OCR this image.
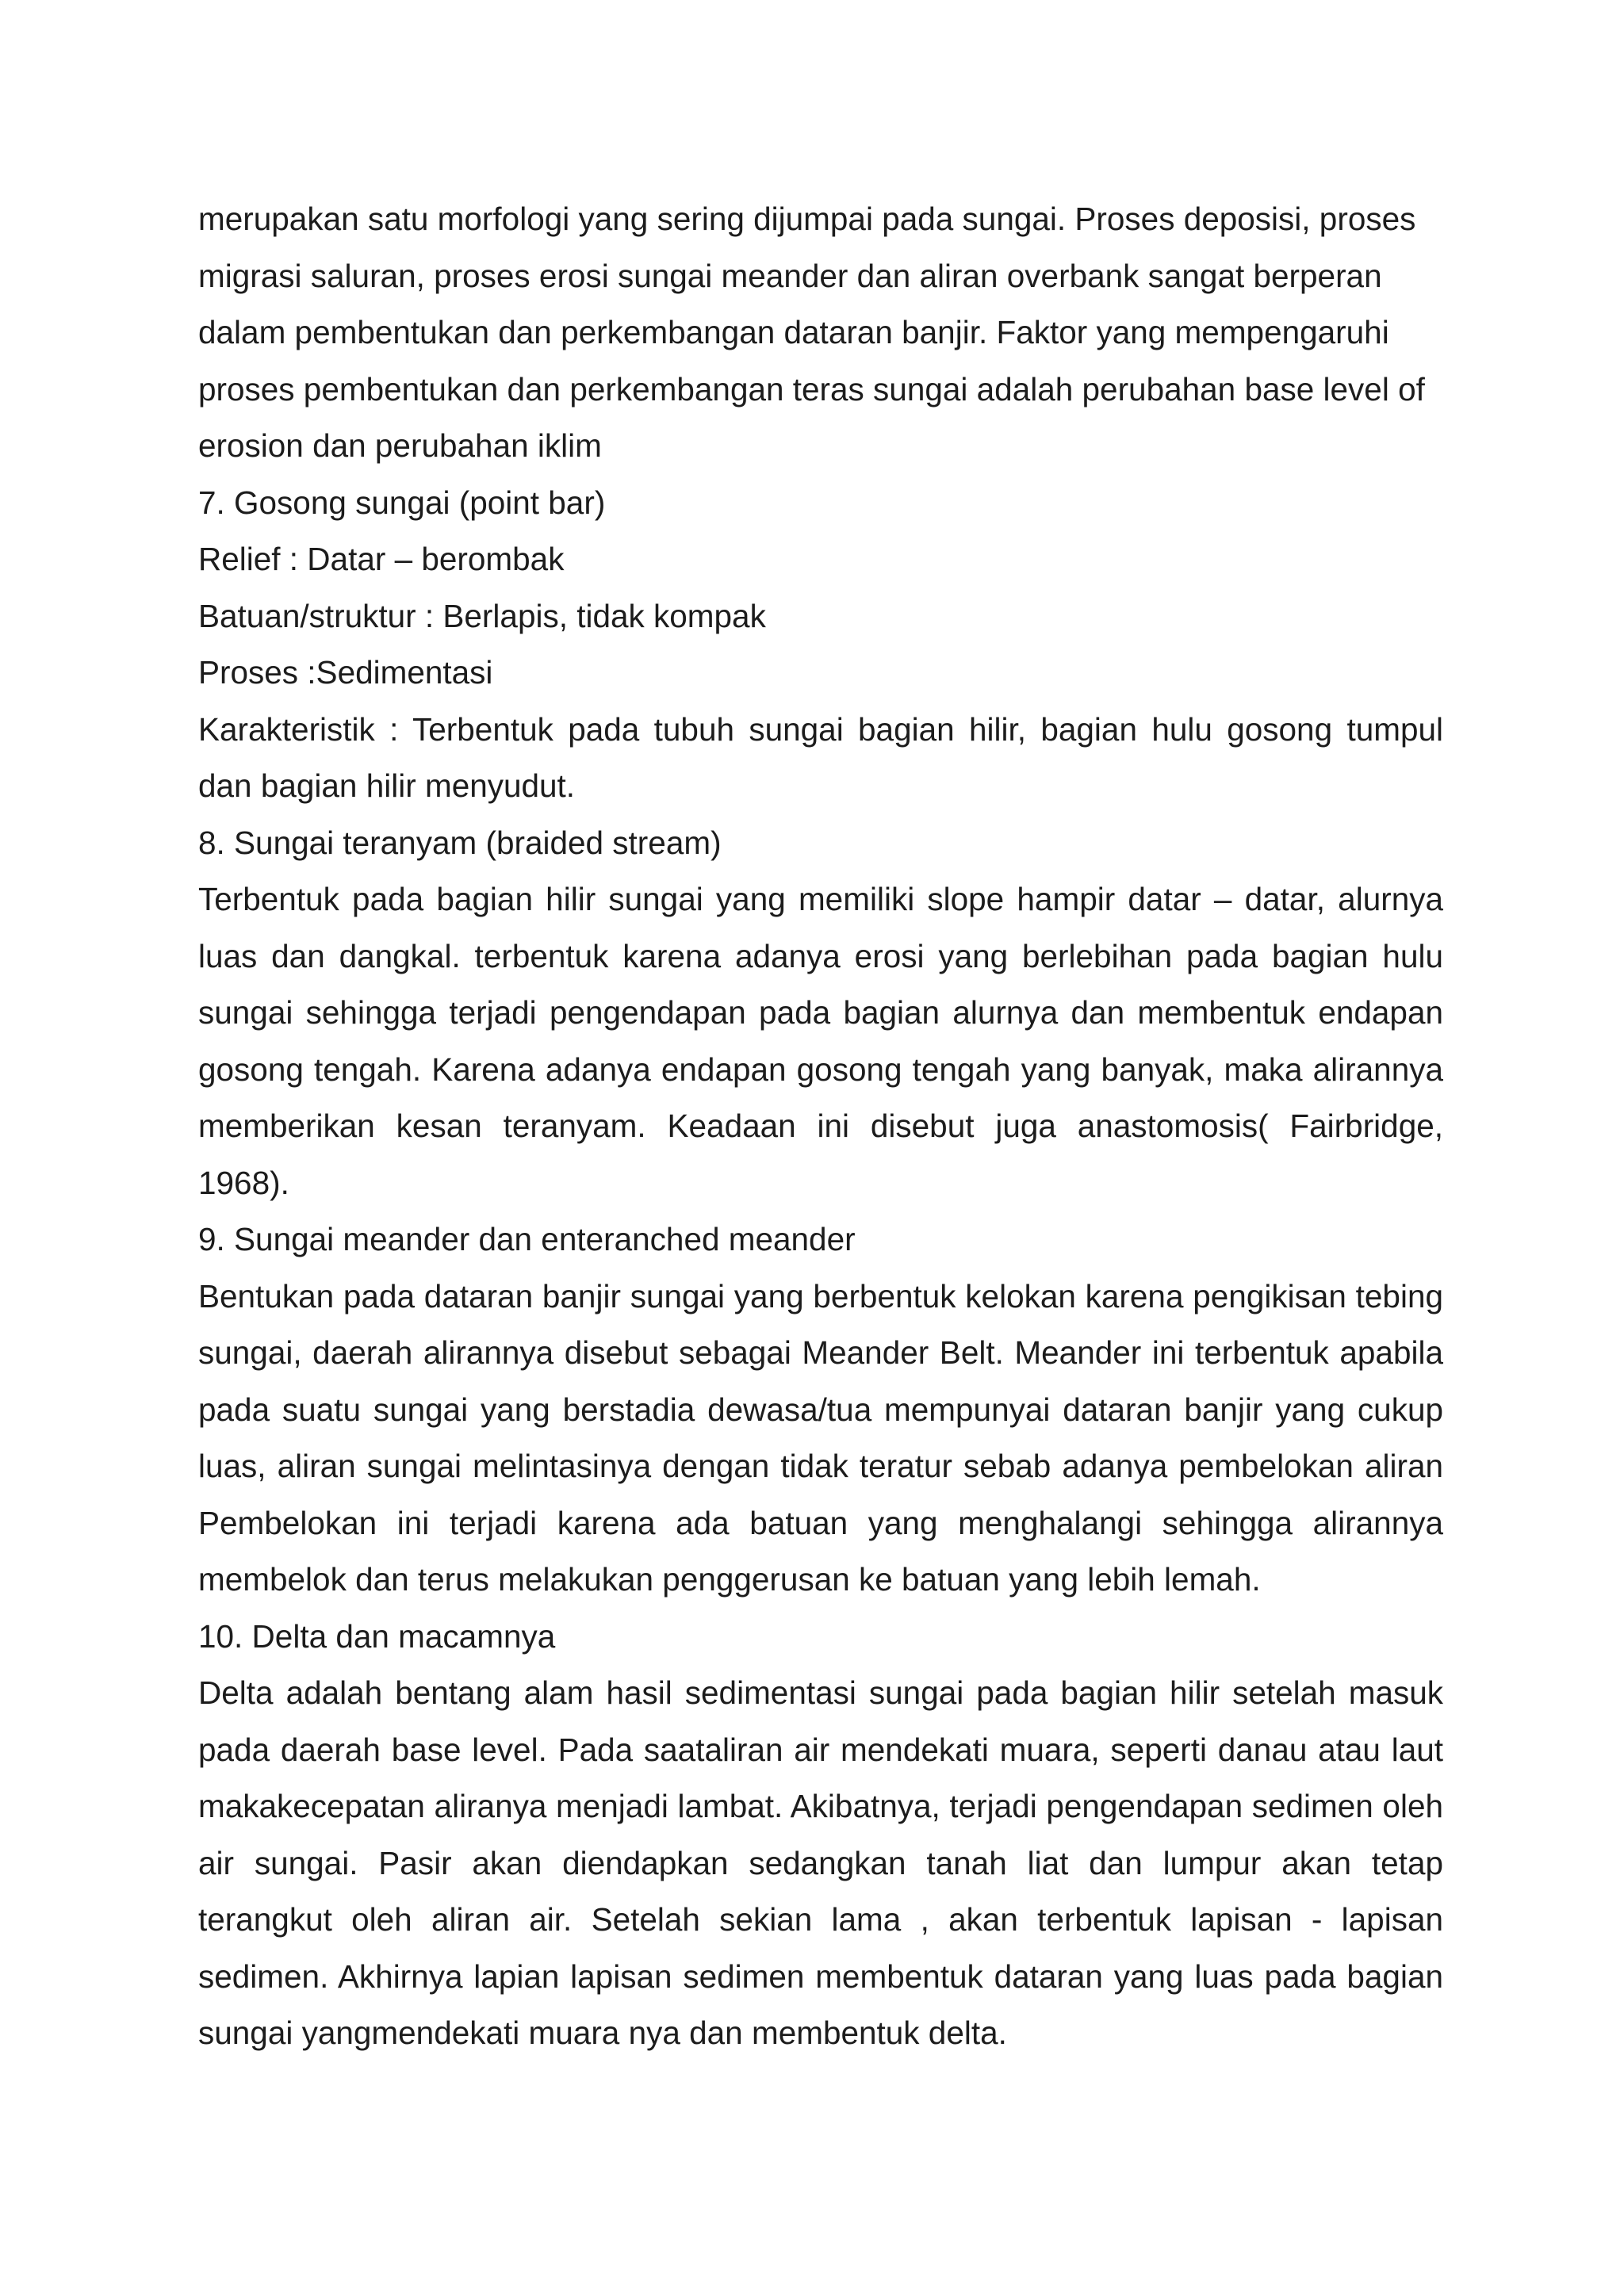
merupakan satu morfologi yang sering dijumpai pada sungai. Proses deposisi, proses migrasi saluran, proses erosi sungai meander dan aliran overbank sangat berperan dalam pembentukan dan perkembangan dataran banjir. Faktor yang mempengaruhi proses pembentukan dan perkembangan teras sungai adalah perubahan base level of erosion dan perubahan iklim

7. Gosong sungai (point bar)

Relief : Datar – berombak

Batuan/struktur : Berlapis, tidak kompak

Proses :Sedimentasi

Karakteristik : Terbentuk pada tubuh sungai bagian hilir, bagian hulu gosong tumpul dan bagian hilir menyudut.

8. Sungai teranyam (braided stream)

Terbentuk pada bagian hilir sungai yang memiliki slope hampir datar – datar, alurnya luas dan dangkal. terbentuk karena adanya erosi yang berlebihan pada bagian hulu sungai sehingga terjadi pengendapan pada bagian alurnya dan membentuk endapan gosong tengah. Karena adanya endapan gosong tengah yang banyak, maka alirannya memberikan kesan teranyam. Keadaan ini disebut juga anastomosis( Fairbridge, 1968).

9. Sungai meander dan enteranched meander

Bentukan pada dataran banjir sungai yang berbentuk kelokan karena pengikisan tebing sungai, daerah alirannya disebut sebagai Meander Belt. Meander ini terbentuk apabila pada suatu sungai yang berstadia dewasa/tua mempunyai dataran banjir yang cukup luas, aliran sungai melintasinya dengan tidak teratur sebab adanya pembelokan aliran Pembelokan ini terjadi karena ada batuan yang menghalangi sehingga alirannya membelok dan terus melakukan penggerusan ke batuan yang lebih lemah.

10. Delta dan macamnya

Delta adalah bentang alam hasil sedimentasi sungai pada bagian hilir setelah masuk pada daerah base level. Pada saataliran air mendekati muara, seperti danau atau laut makakecepatan aliranya menjadi lambat. Akibatnya, terjadi pengendapan sedimen oleh air sungai. Pasir akan diendapkan sedangkan tanah liat dan lumpur akan tetap terangkut oleh aliran air. Setelah sekian lama , akan terbentuk lapisan - lapisan sedimen. Akhirnya lapian lapisan sedimen membentuk dataran yang luas pada bagian sungai yangmendekati muara nya dan membentuk delta.
